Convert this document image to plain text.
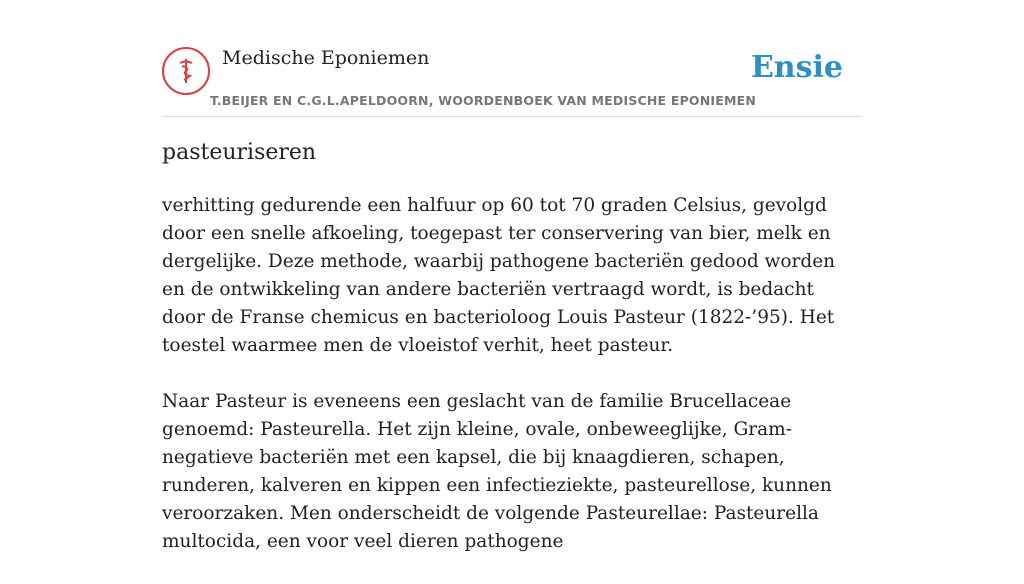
Medische Eponiemen	Ensie
T.BEIJER EN C.G.L.APELDOORN, WOORDENBOEK VAN MEDISCHE EPONIEMEN
pasteuriseren

verhitting gedurende een halfuur op 60 tot 70 graden Celsius, gevolgd door een snelle afkoeling, toegepast ter conservering van bier, melk en dergelijke. Deze methode, waarbij pathogene bacteriën gedood worden en de ontwikkeling van andere bacteriën vertraagd wordt, is bedacht door de Franse chemicus en bacterioloog Louis Pasteur (1822-’95). Het toestel waarmee men de vloeistof verhit, heet pasteur.

Naar Pasteur is eveneens een geslacht van de familie Brucellaceae genoemd: Pasteurella. Het zijn kleine, ovale, onbeweeglijke, Gram-negatieve bacteriën met een kapsel, die bij knaagdieren, schapen, runderen, kalveren en kippen een infectieziekte, pasteurellose, kunnen veroorzaken. Men onderscheidt de volgende Pasteurellae: Pasteurella multocida, een voor veel dieren pathogene
